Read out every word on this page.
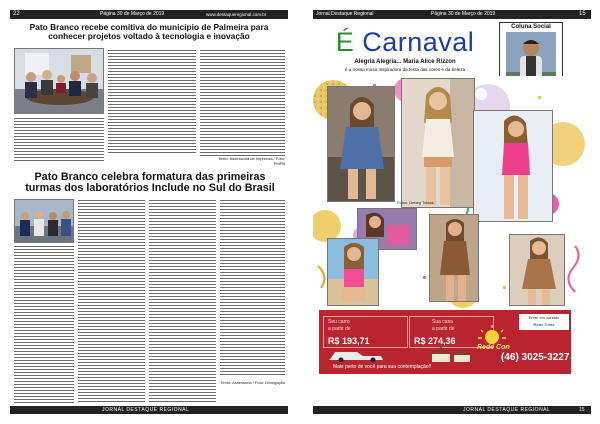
22	Página 30 de Março de 2019	www.destaqueregional.com.br
Pato Branco recebe comitiva do município de Palmeira para conhecer projetos voltado à tecnologia e inovação
Texto: Assessoria de Imprensa / Foto: PMPB
Pato Branco celebra formatura das primeiras turmas dos laboratórios Include no Sul do Brasil
Texto: Assessoria / Foto: Divulgação
JORNAL DESTAQUE REGIONAL
Jornal Destaque Regional	Página 30 de Março de 2019	15
É Carnaval
Alegria Alegria... Maria Alice Rizzon
é a nossa musa inspiradora da festa das cores e da beleza
Coluna Social
Fotos: Debeg Tobias
Seu carro
a partir de
R$ 193,71
Sua casa
a partir de
R$ 274,36
Rede Con
Entre em contato
Rede Cons
(46) 3025-3227
Mais perto de você para sua contemplação!!
JORNAL DESTAQUE REGIONAL	15
